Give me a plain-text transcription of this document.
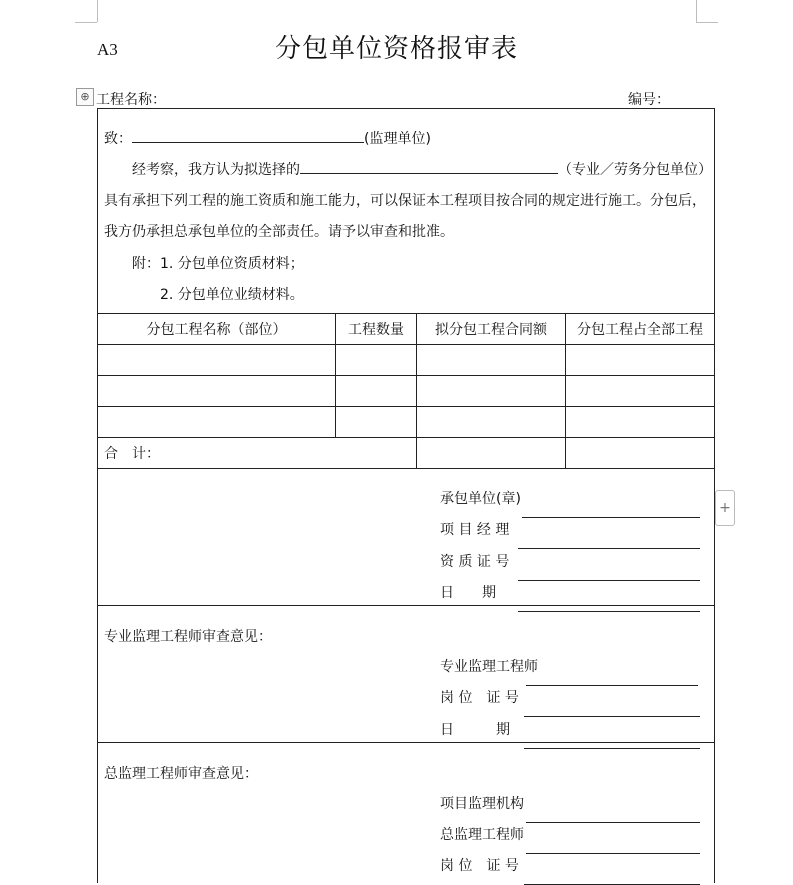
A3	分包单位资格报审表
⊕ 工程名称：	编号：
致：	(监理单位)
经考察，我方认为拟选择的	（专业／劳务分包单位）
具有承担下列工程的施工资质和施工能力，可以保证本工程项目按合同的规定进行施工。分包后，
我方仍承担总承包单位的全部责任。请予以审查和批准。
附：1. 分包单位资质材料；
2. 分包单位业绩材料。
分包工程名称（部位）	工程数量	拟分包工程合同额	分包工程占全部工程
合　计：
承包单位(章)
项 目 经 理
资 质 证 号
日　　期
专业监理工程师审查意见：
专业监理工程师
岗 位　证 号
日　　　期
总监理工程师审查意见：
项目监理机构
总监理工程师
岗 位　证 号
+
